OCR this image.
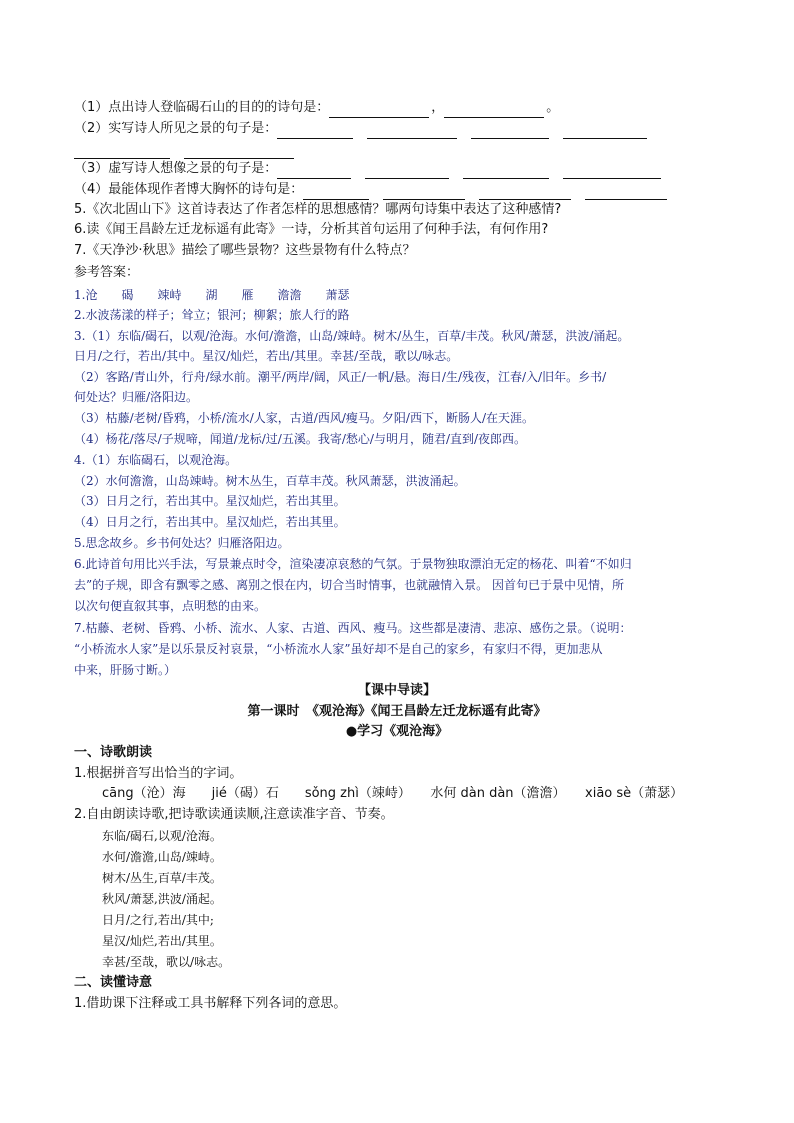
（1）点出诗人登临碣石山的目的的诗句是：	，	。
（2）实写诗人所见之景的句子是：
（3）虚写诗人想像之景的句子是：
（4）最能体现作者博大胸怀的诗句是：
5.《次北固山下》这首诗表达了作者怎样的思想感情？哪两句诗集中表达了这种感情?
6.读《闻王昌龄左迁龙标遥有此寄》一诗，分析其首句运用了何种手法，有何作用?
7.《天净沙·秋思》描绘了哪些景物？这些景物有什么特点？
参考答案：
1.沧　　碣　　竦峙　　湖　　雁　　澹澹　　萧瑟
2.水波荡漾的样子；耸立；银河；柳絮；旅人行的路
3.（1）东临/碣石，以观/沧海。水何/澹澹，山岛/竦峙。树木/丛生，百草/丰茂。秋风/萧瑟，洪波/涌起。
日月/之行，若出/其中。星汉/灿烂，若出/其里。幸甚/至哉，歌以/咏志。
（2）客路/青山外，行舟/绿水前。潮平/两岸/阔，风正/一帆/悬。海日/生/残夜，江春/入/旧年。乡书/
何处达？归雁/洛阳边。
（3）枯藤/老树/昏鸦，小桥/流水/人家，古道/西风/瘦马。夕阳/西下，断肠人/在天涯。
（4）杨花/落尽/子规啼，闻道/龙标/过/五溪。我寄/愁心/与明月，随君/直到/夜郎西。
4.（1）东临碣石，以观沧海。
（2）水何澹澹，山岛竦峙。树木丛生，百草丰茂。秋风萧瑟，洪波涌起。
（3）日月之行，若出其中。星汉灿烂，若出其里。
（4）日月之行，若出其中。星汉灿烂，若出其里。
5.思念故乡。乡书何处达？归雁洛阳边。
6.此诗首句用比兴手法，写景兼点时令，渲染凄凉哀愁的气氛。于景物独取漂泊无定的杨花、叫着“不如归
去”的子规，即含有飘零之感、离别之恨在内，切合当时情事，也就融情入景。 因首句已于景中见情，所
以次句便直叙其事，点明愁的由来。
7.枯藤、老树、昏鸦、小桥、流水、人家、古道、西风、瘦马。这些都是凄清、悲凉、感伤之景。（说明：
“小桥流水人家”是以乐景反衬哀景，“小桥流水人家”虽好却不是自己的家乡，有家归不得，更加悲从
中来，肝肠寸断。）
【课中导读】
第一课时　《观沧海》《闻王昌龄左迁龙标遥有此寄》
●学习《观沧海》
一、诗歌朗读
1.根据拼音写出恰当的字词。
cāng（沧）海　　jié（碣）石　　sǒng zhì（竦峙）　　水何 dàn dàn（澹澹）　　xiāo sè（萧瑟）
2.自由朗读诗歌,把诗歌读通读顺,注意读准字音、节奏。
东临/碣石,以观/沧海。
水何/澹澹,山岛/竦峙。
树木/丛生,百草/丰茂。
秋风/萧瑟,洪波/涌起。
日月/之行,若出/其中;
星汉/灿烂,若出/其里。
幸甚/至哉，歌以/咏志。
二、读懂诗意
1.借助课下注释或工具书解释下列各词的意思。
